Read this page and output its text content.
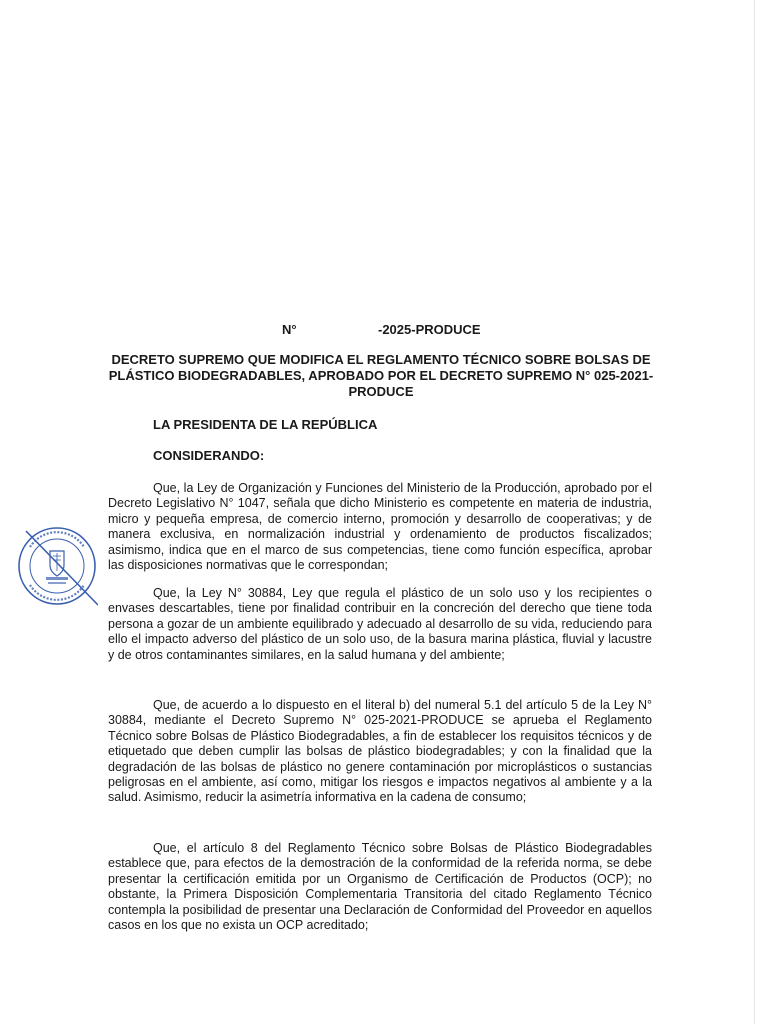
N°	-2025-PRODUCE
DECRETO SUPREMO QUE MODIFICA EL REGLAMENTO TÉCNICO SOBRE BOLSAS DE PLÁSTICO BIODEGRADABLES, APROBADO POR EL DECRETO SUPREMO N° 025-2021-PRODUCE
LA PRESIDENTA DE LA REPÚBLICA
CONSIDERANDO:

Que, la Ley de Organización y Funciones del Ministerio de la Producción, aprobado por el Decreto Legislativo N° 1047, señala que dicho Ministerio es competente en materia de industria, micro y pequeña empresa, de comercio interno, promoción y desarrollo de cooperativas; y de manera exclusiva, en normalización industrial y ordenamiento de productos fiscalizados; asimismo, indica que en el marco de sus competencias, tiene como función específica, aprobar las disposiciones normativas que le correspondan;

Que, la Ley N° 30884, Ley que regula el plástico de un solo uso y los recipientes o envases descartables, tiene por finalidad contribuir en la concreción del derecho que tiene toda persona a gozar de un ambiente equilibrado y adecuado al desarrollo de su vida, reduciendo para ello el impacto adverso del plástico de un solo uso, de la basura marina plástica, fluvial y lacustre y de otros contaminantes similares, en la salud humana y del ambiente;

Que, de acuerdo a lo dispuesto en el literal b) del numeral 5.1 del artículo 5 de la Ley N° 30884, mediante el Decreto Supremo N° 025-2021-PRODUCE se aprueba el Reglamento Técnico sobre Bolsas de Plástico Biodegradables, a fin de establecer los requisitos técnicos y de etiquetado que deben cumplir las bolsas de plástico biodegradables; y con la finalidad que la degradación de las bolsas de plástico no genere contaminación por microplásticos o sustancias peligrosas en el ambiente, así como, mitigar los riesgos e impactos negativos al ambiente y a la salud. Asimismo, reducir la asimetría informativa en la cadena de consumo;

Que, el artículo 8 del Reglamento Técnico sobre Bolsas de Plástico Biodegradables establece que, para efectos de la demostración de la conformidad de la referida norma, se debe presentar la certificación emitida por un Organismo de Certificación de Productos (OCP); no obstante, la Primera Disposición Complementaria Transitoria del citado Reglamento Técnico contempla la posibilidad de presentar una Declaración de Conformidad del Proveedor en aquellos casos en los que no exista un OCP acreditado;
